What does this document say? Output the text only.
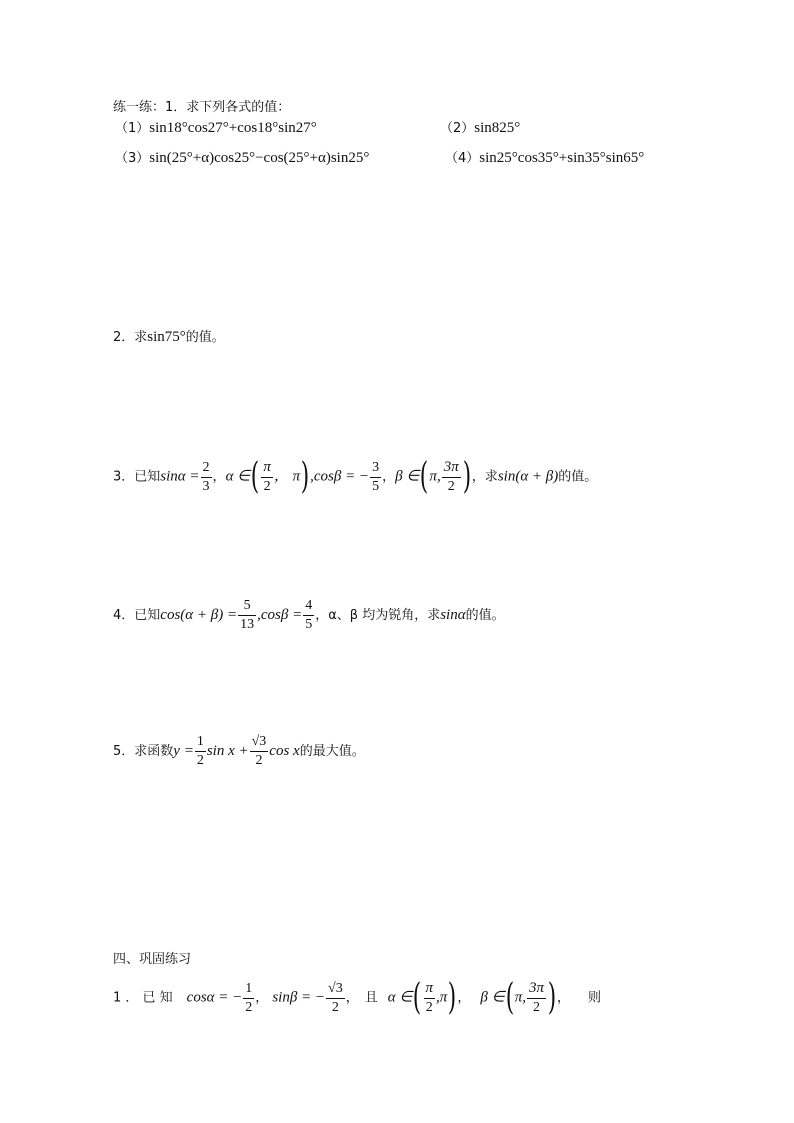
练一练：1．求下列各式的值：
（1）sin18°cos27°+cos18°sin27°	（2）sin825°
（3）sin(25°+α)cos25°−cos(25°+α)sin25°	（4）sin25°cos35°+sin35°sin65°
2．求sin75°的值。
3．已知$\sin\alpha = \frac{2}{3}$ ，α ∈( $\frac{\pi}{2}$ ， π),cosβ = − $\frac{3}{5}$ ，β ∈(π, $\frac{3\pi}{2}$ )，求sin(α + β)的值。
4．已知$\cos(\alpha + \beta) = \frac{5}{13} ,\cos\beta = \frac{4}{5}$ ，α、β 均为锐角，求sinα的值。
5．求函数$y = \frac{1}{2}$ $\sin x + \frac{√3}{2}$ cos x的最大值。
四、巩固练习
1 ． 已 知 cosα = − $\frac{1}{2}$ ， sinβ = − $\frac{√3}{2}$ ， 且 α ∈( $\frac{\pi}{2} ,\pi$)， β ∈(π, $\frac{3\pi}{2}$ )， 则
